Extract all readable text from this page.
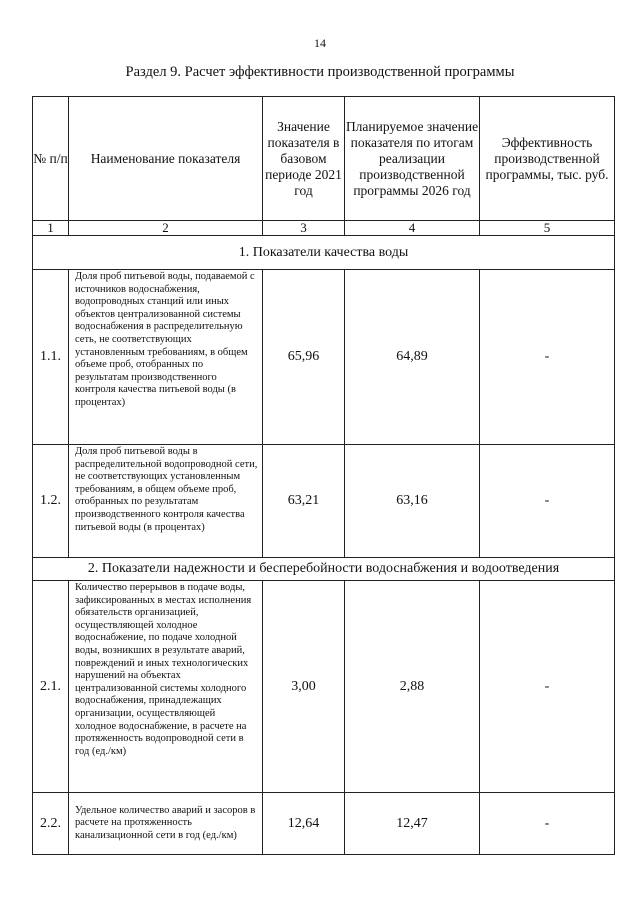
14
Раздел 9. Расчет эффективности производственной программы
№ п/п	Наименование показателя	Значение показателя в базовом периоде 2021 год	Планируемое значение показателя по итогам реализации производственной программы 2026 год	Эффективность производственной программы, тыс. руб.
1	2	3	4	5
1. Показатели качества воды				
1.1.	Доля проб питьевой воды, подаваемой с источников водоснабжения, водопроводных станций или иных объектов централизованной системы водоснабжения в распределительную сеть, не соответствующих установленным требованиям, в общем объеме проб, отобранных по результатам производственного контроля качества питьевой воды (в процентах)	65,96	64,89	-
1.2.	Доля проб питьевой воды в распределительной водопроводной сети, не соответствующих установленным требованиям, в общем объеме проб, отобранных по результатам производственного контроля качества питьевой воды (в процентах)	63,21	63,16	-
2. Показатели надежности и бесперебойности водоснабжения и водоотведения				
2.1.	Количество перерывов в подаче воды, зафиксированных в местах исполнения обязательств организацией, осуществляющей холодное водоснабжение, по подаче холодной воды, возникших в результате аварий, повреждений и иных технологических нарушений на объектах централизованной системы холодного водоснабжения, принадлежащих организации, осуществляющей холодное водоснабжение, в расчете на протяженность водопроводной сети в год (ед./км)	3,00	2,88	-
2.2.	Удельное количество аварий и засоров в расчете на протяженность канализационной сети в год (ед./км)	12,64	12,47	-
